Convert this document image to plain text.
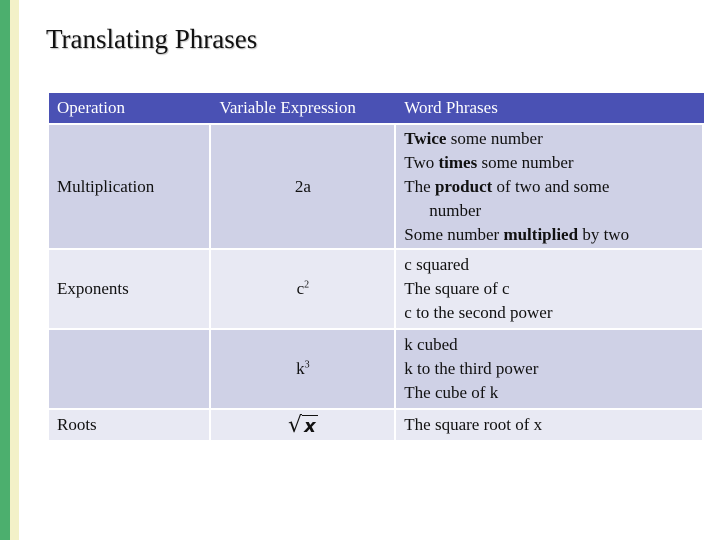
Translating Phrases
Operation	Variable Expression	Word Phrases
Multiplication	2a	Twice some number
Two times some number
The product of two and some
number
Some number multiplied by two

Exponents	$c^2$	c squared
The square of c
c to the second power

	$k^3$	k cubed
k to the third power
The cube of k

Roots	√ x	The square root of x
